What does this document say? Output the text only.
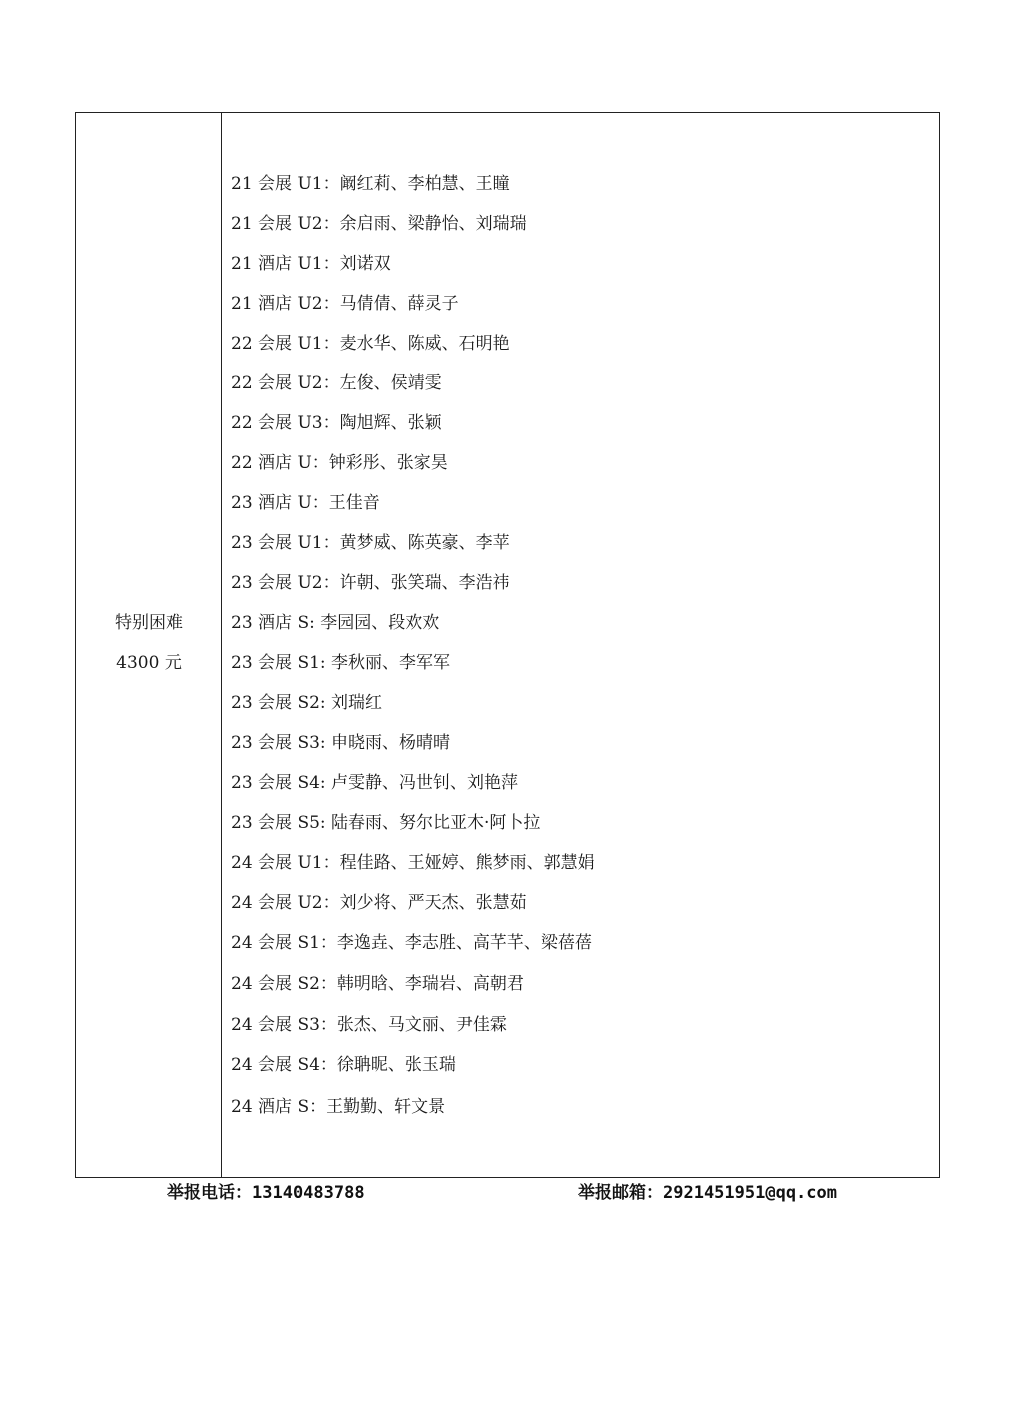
特别困难
4300 元
21 会展 U1：阚红莉、李柏慧、王瞳
21 会展 U2：余启雨、梁静怡、刘瑞瑞
21 酒店 U1：刘诺双
21 酒店 U2：马倩倩、薛灵子
22 会展 U1：麦水华、陈威、石明艳
22 会展 U2：左俊、侯靖雯
22 会展 U3：陶旭辉、张颖
22 酒店 U：钟彩彤、张家昊
23 酒店 U：王佳音
23 会展 U1：黄梦威、陈英豪、李苹
23 会展 U2：许朝、张笑瑞、李浩祎
23 酒店 S: 李园园、段欢欢
23 会展 S1: 李秋丽、李军军
23 会展 S2: 刘瑞红
23 会展 S3: 申晓雨、杨晴晴
23 会展 S4: 卢雯静、冯世钊、刘艳萍
23 会展 S5: 陆春雨、努尔比亚木·阿卜拉
24 会展 U1：程佳路、王娅婷、熊梦雨、郭慧娟
24 会展 U2：刘少将、严天杰、张慧茹
24 会展 S1：李逸垚、李志胜、高芊芊、梁蓓蓓
24 会展 S2：韩明晗、李瑞岩、高朝君
24 会展 S3：张杰、马文丽、尹佳霖
24 会展 S4：徐聃昵、张玉瑞
24 酒店 S：王勤勤、轩文景
举报电话：13140483788	举报邮箱：2921451951@qq.com
